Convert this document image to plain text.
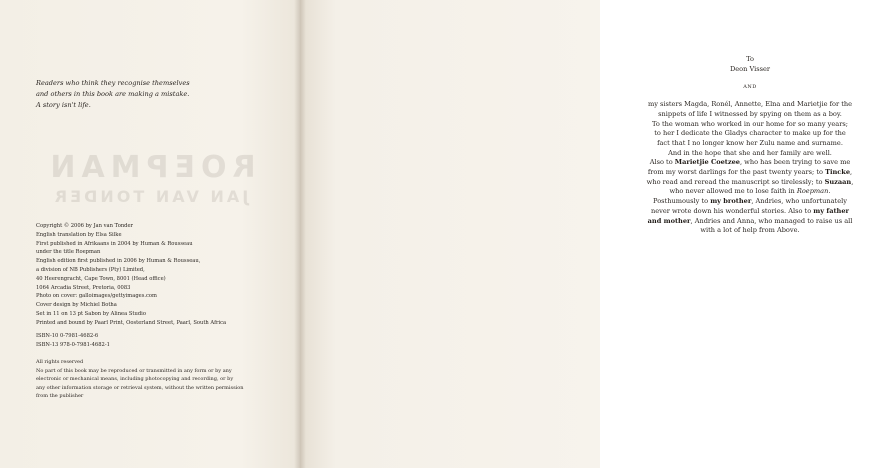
ROEPMAN
JAN VAN TONDER
Readers who think they recognise themselves
and others in this book are making a mistake.
A story isn't life.
Copyright © 2006 by Jan van Tonder
English translation by Elsa Silke
First published in Afrikaans in 2004 by Human & Rousseau
under the title Roepman
English edition first published in 2006 by Human & Rousseau,
a division of NB Publishers (Pty) Limited,
40 Heerengracht, Cape Town, 8001 (Head office)
1064 Arcadia Street, Pretoria, 0083
Photo on cover: galloimages/gettyimages.com
Cover design by Michiel Botha
Set in 11 on 13 pt Sabon by Alinea Studio
Printed and bound by Paarl Print, Oosterland Street, Paarl, South Africa
ISBN-10 0-7981-4682-6
ISBN-13 978-0-7981-4682-1
All rights reserved
No part of this book may be reproduced or transmitted in any form or by any
electronic or mechanical means, including photocopying and recording, or by
any other information storage or retrieval system, without the written permission
from the publisher
To
Deon Visser
AND
my sisters Magda, Ronél, Annette, Elna and Marietjie for the
snippets of life I witnessed by spying on them as a boy.
To the woman who worked in our home for so many years;
to her I dedicate the Gladys character to make up for the
fact that I no longer know her Zulu name and surname.
And in the hope that she and her family are well.
Also to Marietjie Coetzee, who has been trying to save me
from my worst darlings for the past twenty years; to Tincke,
who read and reread the manuscript so tirelessly; to Suzaan,
who never allowed me to lose faith in Roepman.
Posthumously to my brother, Andries, who unfortunately
never wrote down his wonderful stories. Also to my father
and mother, Andries and Anna, who managed to raise us all
with a lot of help from Above.
